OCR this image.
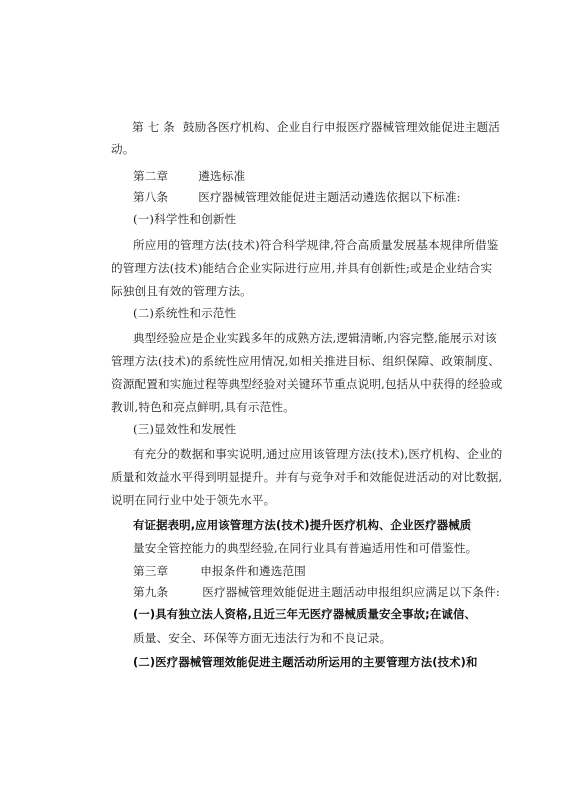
第 七 条 鼓励各医疗机构、企业自行申报医疗器械管理效能促进主题活
动。
第二章	遴选标准
第八条	医疗器械管理效能促进主题活动遴选依据以下标准:
(一)科学性和创新性
所应用的管理方法(技术)符合科学规律,符合高质量发展基本规律所借鉴
的管理方法(技术)能结合企业实际进行应用,并具有创新性;或是企业结合实
际独创且有效的管理方法。
(二)系统性和示范性
典型经验应是企业实践多年的成熟方法,逻辑清晰,内容完整,能展示对该
管理方法(技术)的系统性应用情况,如相关推进目标、组织保障、政策制度、
资源配置和实施过程等典型经验对关键环节重点说明,包括从中获得的经验或
教训,特色和亮点鲜明,具有示范性。
(三)显效性和发展性
有充分的数据和事实说明,通过应用该管理方法(技术),医疗机构、企业的
质量和效益水平得到明显提升。并有与竞争对手和效能促进活动的对比数据,
说明在同行业中处于领先水平。
有证据表明,应用该管理方法(技术)提升医疗机构、企业医疗器械质
量安全管控能力的典型经验,在同行业具有普遍适用性和可借鉴性。
第三章	申报条件和遴选范围
第九条	医疗器械管理效能促进主题活动申报组织应满足以下条件:
(一)具有独立法人资格,且近三年无医疗器械质量安全事故;在诚信、
质量、安全、环保等方面无违法行为和不良记录。
(二)医疗器械管理效能促进主题活动所运用的主要管理方法(技术)和
